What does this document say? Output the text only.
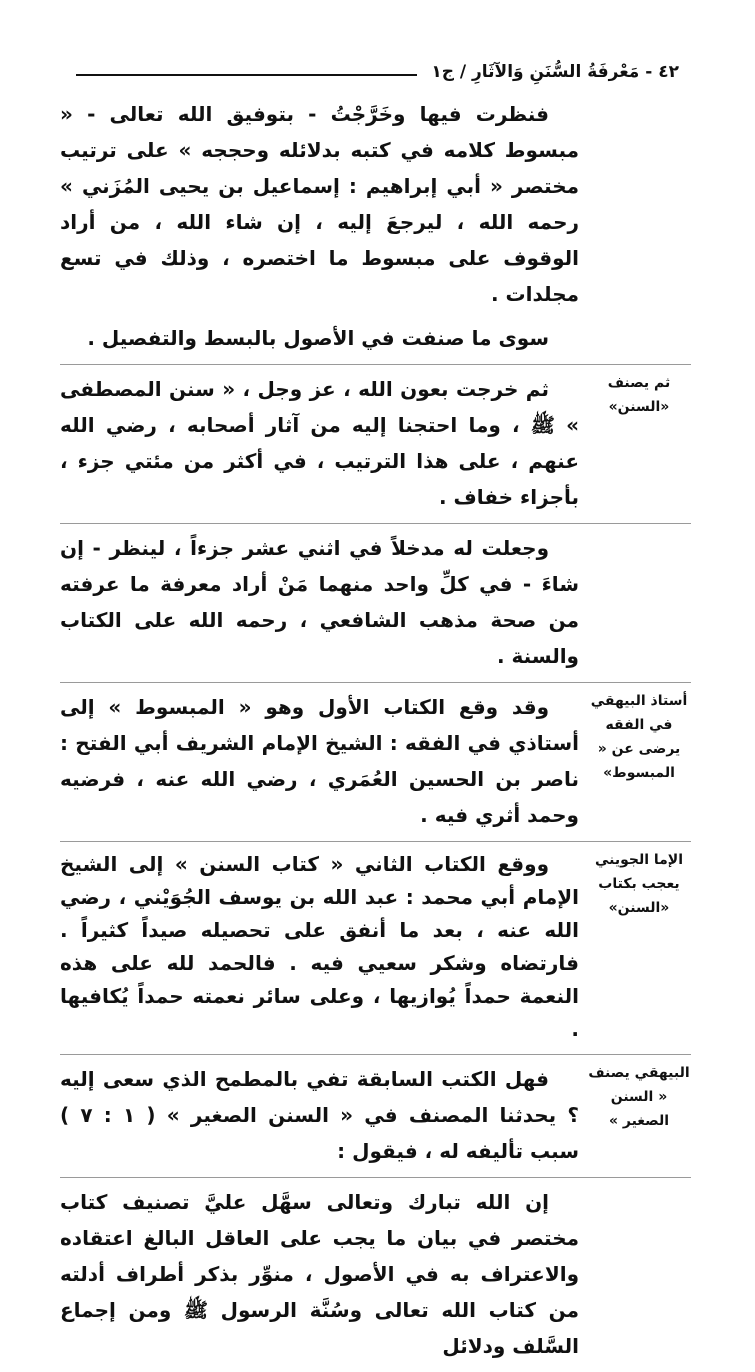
٤٢ - مَعْرفَةُ السُّنَنِ وَالآثَارِ / ج١

فنظرت فيها وخَرَّجْتُ - بتوفيق الله تعالى - « مبسوط كلامه في كتبه بدلائله وحججه » على ترتيب مختصر « أبي إبراهيم : إسماعيل بن يحيى المُزَني » رحمه الله ، ليرجعَ إليه ، إن شاء الله ، من أراد الوقوف على مبسوط ما اختصره ، وذلك في تسع مجلدات .

سوى ما صنفت في الأصول بالبسط والتفصيل .

ثم يصنف «السنن»

ثم خرجت بعون الله ، عز وجل ، « سنن المصطفى » ﷺ ، وما احتجنا إليه من آثار أصحابه ، رضي الله عنهم ، على هذا الترتيب ، في أكثر من مئتي جزء ، بأجزاء خفاف .

وجعلت له مدخلاً في اثني عشر جزءاً ، لينظر - إن شاءَ - في كلِّ واحد منهما مَنْ أراد معرفة ما عرفته من صحة مذهب الشافعي ، رحمه الله على الكتاب والسنة .

أستاذ البيهقي في الفقه يرضى عن « المبسوط»

وقد وقع الكتاب الأول وهو « المبسوط » إلى أستاذي في الفقه : الشيخ الإمام الشريف أبي الفتح : ناصر بن الحسين العُمَري ، رضي الله عنه ، فرضيه وحمد أثري فيه .

الإما الجويني يعجب بكتاب «السنن»

ووقع الكتاب الثاني « كتاب السنن » إلى الشيخ الإمام أبي محمد : عبد الله بن يوسف الجُوَيْني ، رضي الله عنه ، بعد ما أنفق على تحصيله صيداً كثيراً . فارتضاه وشكر سعيي فيه . فالحمد لله على هذه النعمة حمداً يُوازيها ، وعلى سائر نعمته حمداً يُكافيها .

البيهقي يصنف « السنن الصغير »

فهل الكتب السابقة تفي بالمطمح الذي سعى إليه ؟ يحدثنا المصنف في « السنن الصغير » ( ١ : ٧ ) سبب تأليفه له ، فيقول :

إن الله تبارك وتعالى سهَّل عليَّ تصنيف كتاب مختصر في بيان ما يجب على العاقل البالغ اعتقاده والاعتراف به في الأصول ، منوِّر بذكر أطراف أدلته من كتاب الله تعالى وسُنَّة الرسول ﷺ ومن إجماع السَّلف ودلائل
